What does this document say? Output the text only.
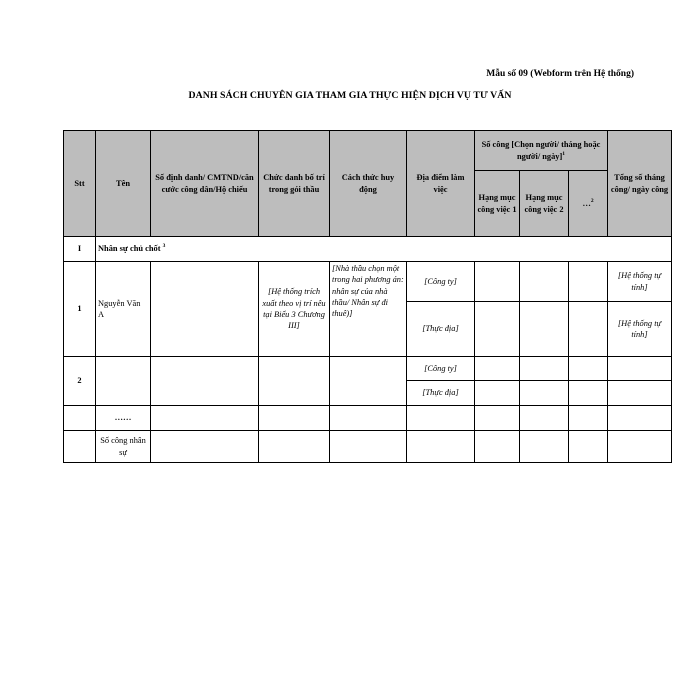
Mẫu số 09 (Webform trên Hệ thống)
DANH SÁCH CHUYÊN GIA THAM GIA THỰC HIỆN DỊCH VỤ TƯ VẤN
Stt	Tên	Số định danh/ CMTND/căn cước công dân/Hộ chiếu	Chức danh bố trí trong gói thầu	Cách thức huy động	Địa điểm làm việc	Số công [Chọn người/ tháng hoặc người/ ngày]$^1$			Tổng số tháng công/ ngày công
						Hạng mục công việc 1	Hạng mục công việc 2	…$^2$
I	Nhân sự chủ chốt $^3$
1	Nguyễn Văn A		[Hệ thống trích xuất theo vị trí nêu tại Biểu 3 Chương III]	[Nhà thầu chọn một trong hai phương án: nhân sự của nhà thầu/ Nhân sự đi thuê)]	[Công ty]				[Hệ thống tự tính]
					[Thực địa]				[Hệ thống tự tính]
2					[Công ty]				
					[Thực địa]				
	……								
	Số công nhân sự								
